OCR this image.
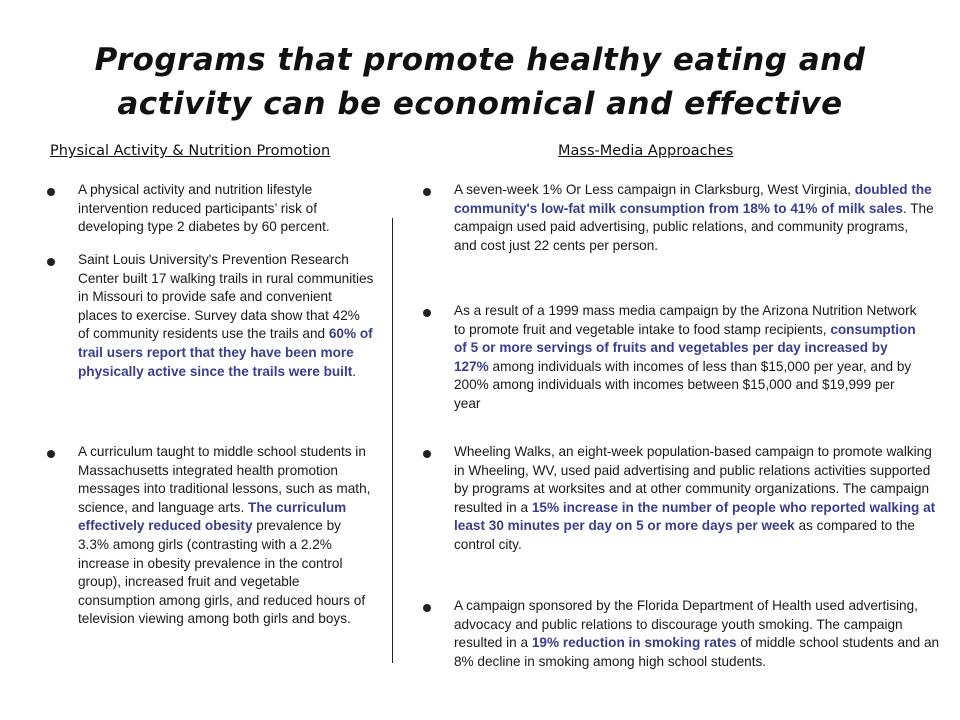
Programs that promote healthy eating and
activity can be economical and effective
Physical Activity & Nutrition Promotion	Mass-Media Approaches
A physical activity and nutrition lifestyle intervention reduced participants’ risk of developing type 2 diabetes by 60 percent.
Saint Louis University's Prevention Research Center built 17 walking trails in rural communities in Missouri to provide safe and convenient places to exercise. Survey data show that 42% of community residents use the trails and 60% of trail users report that they have been more physically active since the trails were built.
A curriculum taught to middle school students in Massachusetts integrated health promotion messages into traditional lessons, such as math, science, and language arts. The curriculum effectively reduced obesity prevalence by 3.3% among girls (contrasting with a 2.2% increase in obesity prevalence in the control group), increased fruit and vegetable consumption among girls, and reduced hours of television viewing among both girls and boys.
A seven-week 1% Or Less campaign in Clarksburg, West Virginia, doubled the community's low-fat milk consumption from 18% to 41% of milk sales. The campaign used paid advertising, public relations, and community programs, and cost just 22 cents per person.
As a result of a 1999 mass media campaign by the Arizona Nutrition Network to promote fruit and vegetable intake to food stamp recipients, consumption of 5 or more servings of fruits and vegetables per day increased by 127% among individuals with incomes of less than $15,000 per year, and by 200% among individuals with incomes between $15,000 and $19,999 per year
Wheeling Walks, an eight-week population-based campaign to promote walking in Wheeling, WV, used paid advertising and public relations activities supported by programs at worksites and at other community organizations. The campaign resulted in a 15% increase in the number of people who reported walking at least 30 minutes per day on 5 or more days per week as compared to the control city.
A campaign sponsored by the Florida Department of Health used advertising, advocacy and public relations to discourage youth smoking. The campaign resulted in a 19% reduction in smoking rates of middle school students and an 8% decline in smoking among high school students.
